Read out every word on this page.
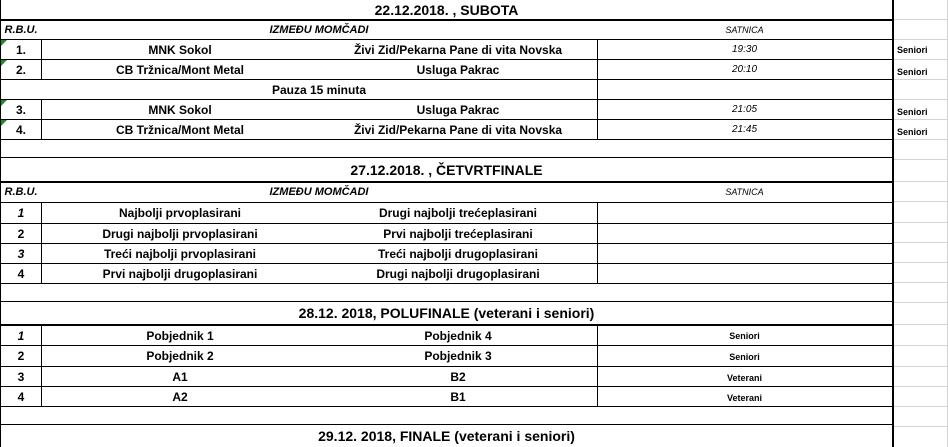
22.12.2018. , SUBOTA
R.B.U.	IZMEĐU MOMČADI	SATNICA
1.	MNK Sokol	Živi Zid/Pekarna Pane di vita Novska	19:30	Seniori
2.	CB Tržnica/Mont Metal	Usluga Pakrac	20:10	Seniori
Pauza 15 minuta
3.	MNK Sokol	Usluga Pakrac	21:05	Seniori
4.	CB Tržnica/Mont Metal	Živi Zid/Pekarna Pane di vita Novska	21:45	Seniori
27.12.2018. , ČETVRTFINALE
R.B.U.	IZMEĐU MOMČADI	SATNICA
1	Najbolji prvoplasirani	Drugi najbolji trećeplasirani
2	Drugi najbolji prvoplasirani	Prvi najbolji trećeplasirani
3	Treći najbolji prvoplasirani	Treći najbolji drugoplasirani
4	Prvi najbolji drugoplasirani	Drugi najbolji drugoplasirani
28.12. 2018, POLUFINALE (veterani i seniori)
1	Pobjednik 1	Pobjednik 4	Seniori
2	Pobjednik 2	Pobjednik 3	Seniori
3	A1	B2	Veterani
4	A2	B1	Veterani
29.12. 2018, FINALE (veterani i seniori)
